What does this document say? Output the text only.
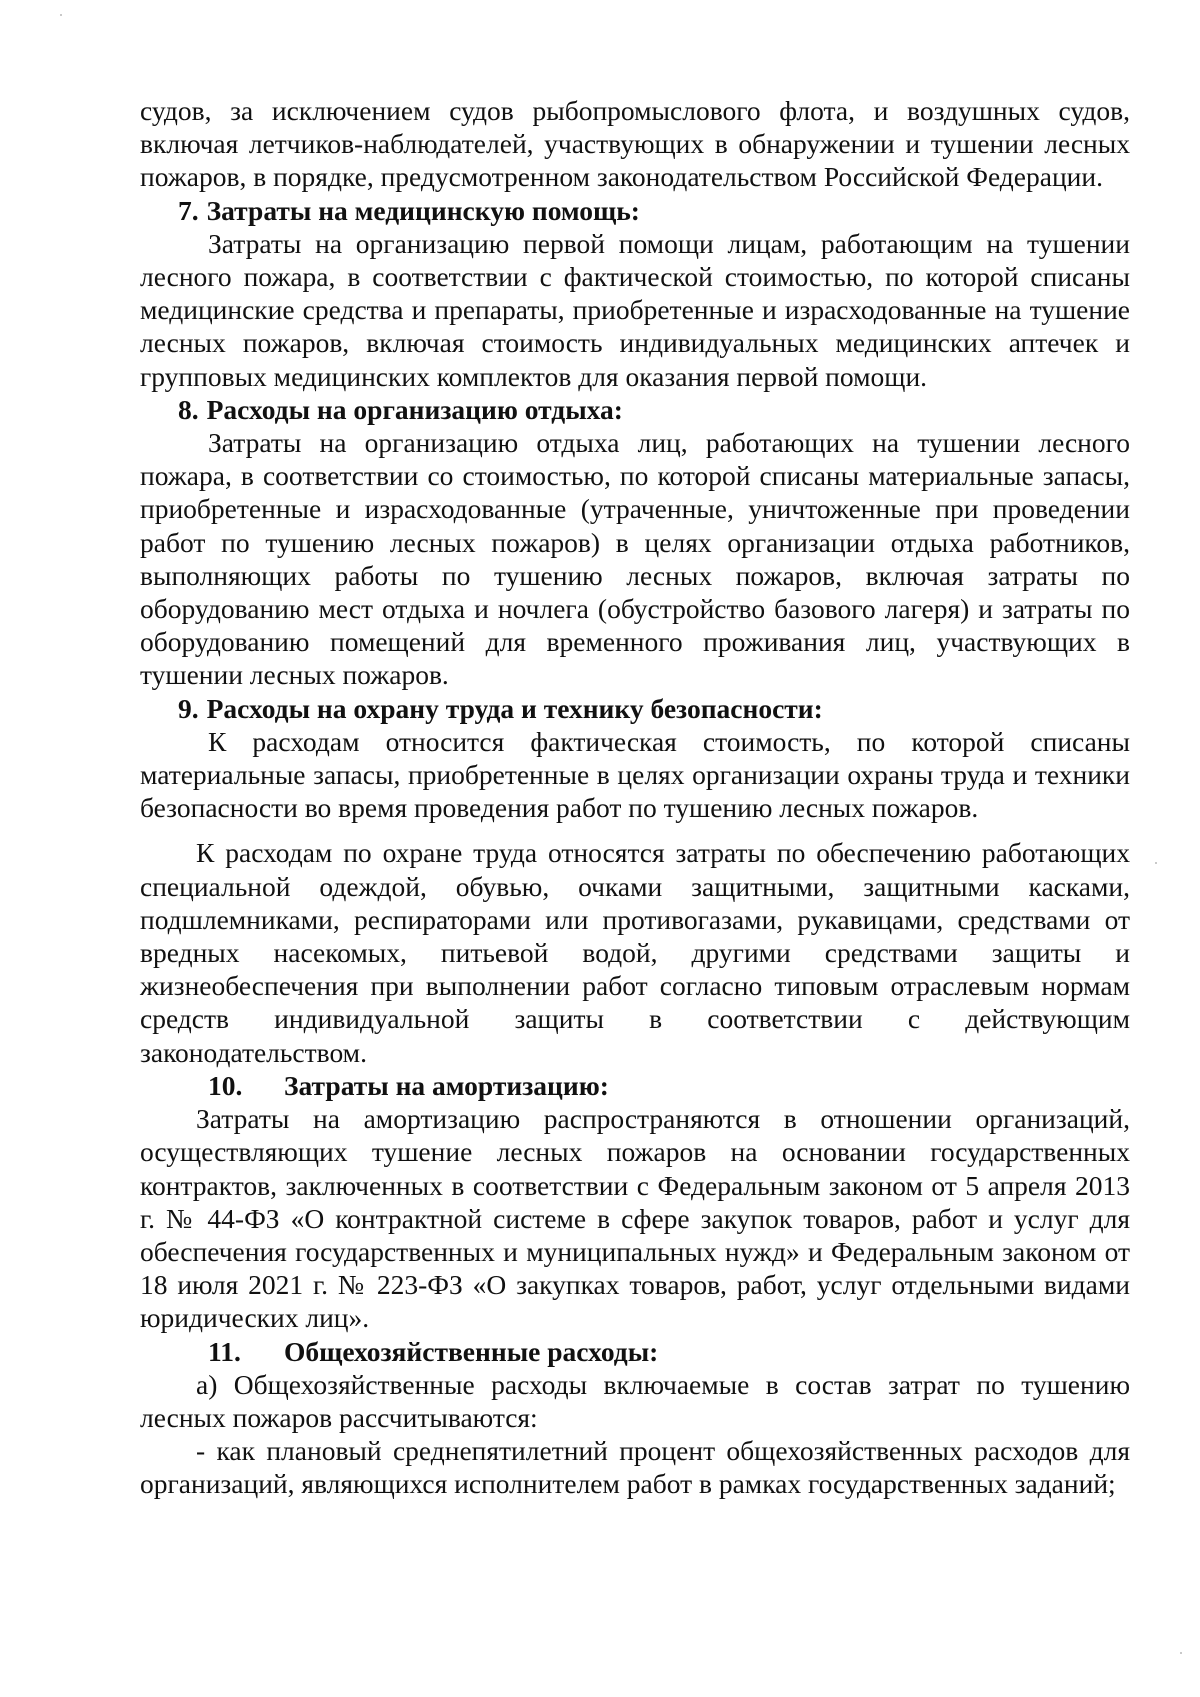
судов, за исключением судов рыбопромыслового флота, и воздушных судов, включая летчиков-наблюдателей, участвующих в обнаружении и тушении лесных пожаров, в порядке, предусмотренном законодательством Российской Федерации.

7. Затраты на медицинскую помощь:

Затраты на организацию первой помощи лицам, работающим на тушении лесного пожара, в соответствии с фактической стоимостью, по которой списаны медицинские средства и препараты, приобретенные и израсходованные на тушение лесных пожаров, включая стоимость индивидуальных медицинских аптечек и групповых медицинских комплектов для оказания первой помощи.

8. Расходы на организацию отдыха:

Затраты на организацию отдыха лиц, работающих на тушении лесного пожара, в соответствии со стоимостью, по которой списаны материальные запасы, приобретенные и израсходованные (утраченные, уничтоженные при проведении работ по тушению лесных пожаров) в целях организации отдыха работников, выполняющих работы по тушению лесных пожаров, включая затраты по оборудованию мест отдыха и ночлега (обустройство базового лагеря) и затраты по оборудованию помещений для временного проживания лиц, участвующих в тушении лесных пожаров.

9. Расходы на охрану труда и технику безопасности:

К расходам относится фактическая стоимость, по которой списаны материальные запасы, приобретенные в целях организации охраны труда и техники безопасности во время проведения работ по тушению лесных пожаров.

К расходам по охране труда относятся затраты по обеспечению работающих специальной одеждой, обувью, очками защитными, защитными касками, подшлемниками, респираторами или противогазами, рукавицами, средствами от вредных насекомых, питьевой водой, другими средствами защиты и жизнеобеспечения при выполнении работ согласно типовым отраслевым нормам средств индивидуальной защиты в соответствии с действующим законодательством.

10. Затраты на амортизацию:

Затраты на амортизацию распространяются в отношении организаций, осуществляющих тушение лесных пожаров на основании государственных контрактов, заключенных в соответствии с Федеральным законом от 5 апреля 2013 г. № 44-ФЗ «О контрактной системе в сфере закупок товаров, работ и услуг для обеспечения государственных и муниципальных нужд» и Федеральным законом от 18 июля 2021 г. № 223-ФЗ «О закупках товаров, работ, услуг отдельными видами юридических лиц».

11. Общехозяйственные расходы:

а) Общехозяйственные расходы включаемые в состав затрат по тушению лесных пожаров рассчитываются:

- как плановый среднепятилетний процент общехозяйственных расходов для организаций, являющихся исполнителем работ в рамках государственных заданий;
